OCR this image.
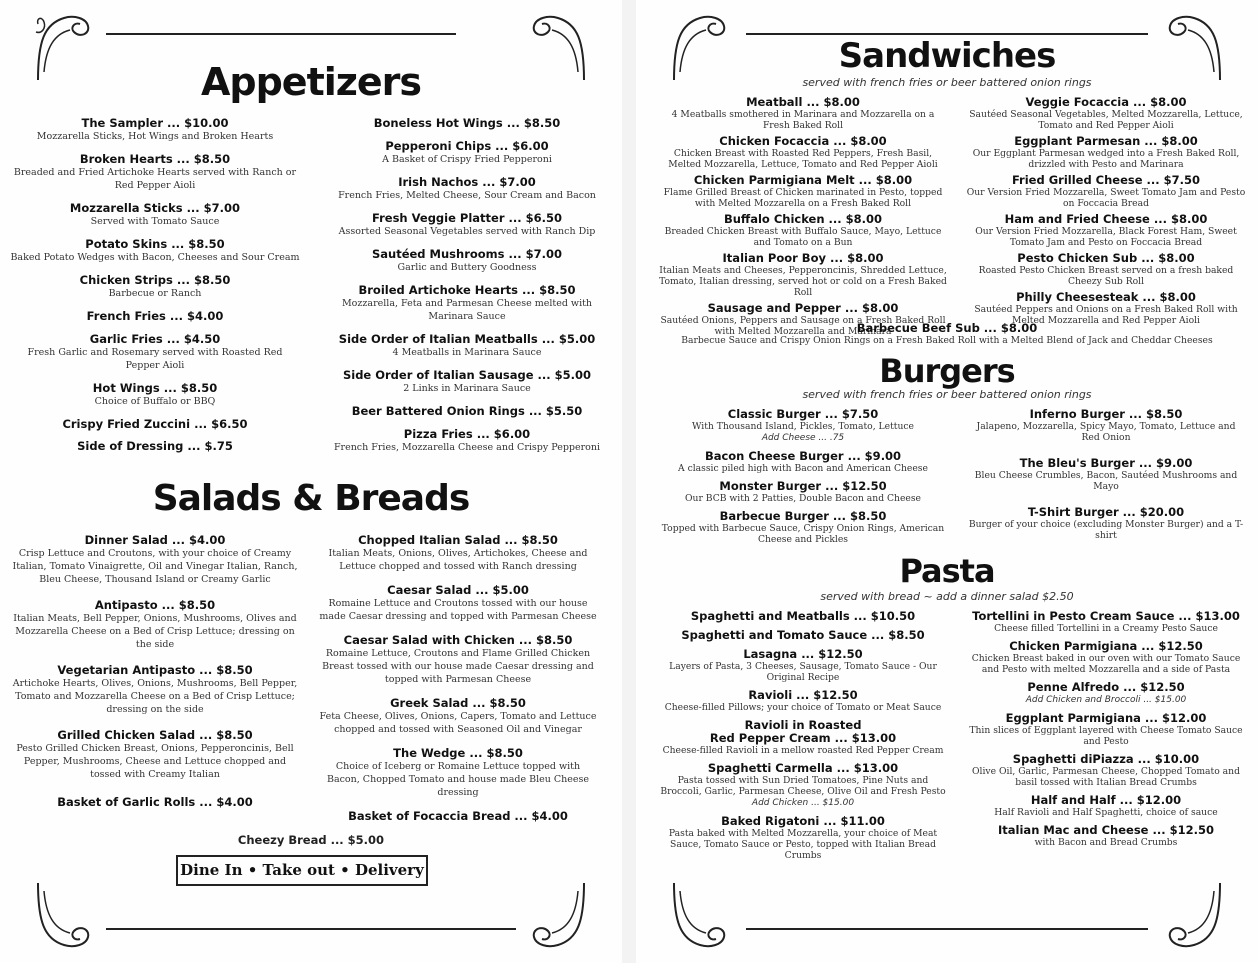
Appetizers
The Sampler ... $10.00
Mozzarella Sticks, Hot Wings and Broken Hearts
Broken Hearts ... $8.50
Breaded and Fried Artichoke Hearts served with Ranch or Red Pepper Aioli
Mozzarella Sticks ... $7.00
Served with Tomato Sauce
Potato Skins ... $8.50
Baked Potato Wedges with Bacon, Cheeses and Sour Cream
Chicken Strips ... $8.50
Barbecue or Ranch
French Fries ... $4.00
Garlic Fries ... $4.50
Fresh Garlic and Rosemary served with Roasted Red Pepper Aioli
Hot Wings ... $8.50
Choice of Buffalo or BBQ
Crispy Fried Zuccini ... $6.50
Side of Dressing ... $.75
Boneless Hot Wings ... $8.50
Pepperoni Chips ... $6.00
A Basket of Crispy Fried Pepperoni
Irish Nachos ... $7.00
French Fries, Melted Cheese, Sour Cream and Bacon
Fresh Veggie Platter ... $6.50
Assorted Seasonal Vegetables served with Ranch Dip
Sautéed Mushrooms ... $7.00
Garlic and Buttery Goodness
Broiled Artichoke Hearts ... $8.50
Mozzarella, Feta and Parmesan Cheese melted with Marinara Sauce
Side Order of Italian Meatballs ... $5.00
4 Meatballs in Marinara Sauce
Side Order of Italian Sausage ... $5.00
2 Links in Marinara Sauce
Beer Battered Onion Rings ... $5.50
Pizza Fries ... $6.00
French Fries, Mozzarella Cheese and Crispy Pepperoni
Salads & Breads
Dinner Salad ... $4.00
Crisp Lettuce and Croutons, with your choice of Creamy Italian, Tomato Vinaigrette, Oil and Vinegar Italian, Ranch, Bleu Cheese, Thousand Island or Creamy Garlic
Antipasto ... $8.50
Italian Meats, Bell Pepper, Onions, Mushrooms, Olives and Mozzarella Cheese on a Bed of Crisp Lettuce; dressing on the side
Vegetarian Antipasto ... $8.50
Artichoke Hearts, Olives, Onions, Mushrooms, Bell Pepper, Tomato and Mozzarella Cheese on a Bed of Crisp Lettuce; dressing on the side
Grilled Chicken Salad ... $8.50
Pesto Grilled Chicken Breast, Onions, Pepperoncinis, Bell Pepper, Mushrooms, Cheese and Lettuce chopped and tossed with Creamy Italian
Basket of Garlic Rolls ... $4.00
Chopped Italian Salad ... $8.50
Italian Meats, Onions, Olives, Artichokes, Cheese and Lettuce chopped and tossed with Ranch dressing
Caesar Salad ... $5.00
Romaine Lettuce and Croutons tossed with our house made Caesar dressing and topped with Parmesan Cheese
Caesar Salad with Chicken ... $8.50
Romaine Lettuce, Croutons and Flame Grilled Chicken Breast tossed with our house made Caesar dressing and topped with Parmesan Cheese
Greek Salad ... $8.50
Feta Cheese, Olives, Onions, Capers, Tomato and Lettuce chopped and tossed with Seasoned Oil and Vinegar
The Wedge ... $8.50
Choice of Iceberg or Romaine Lettuce topped with Bacon, Chopped Tomato and house made Bleu Cheese dressing
Basket of Focaccia Bread ... $4.00
Cheezy Bread ... $5.00
Dine In • Take out • Delivery
Sandwiches
served with french fries or beer battered onion rings
Meatball ... $8.00
4 Meatballs smothered in Marinara and Mozzarella on a Fresh Baked Roll
Chicken Focaccia ... $8.00
Chicken Breast with Roasted Red Peppers, Fresh Basil, Melted Mozzarella, Lettuce, Tomato and Red Pepper Aioli
Chicken Parmigiana Melt ... $8.00
Flame Grilled Breast of Chicken marinated in Pesto, topped with Melted Mozzarella on a Fresh Baked Roll
Buffalo Chicken ... $8.00
Breaded Chicken Breast with Buffalo Sauce, Mayo, Lettuce and Tomato on a Bun
Italian Poor Boy ... $8.00
Italian Meats and Cheeses, Pepperoncinis, Shredded Lettuce, Tomato, Italian dressing, served hot or cold on a Fresh Baked Roll
Sausage and Pepper ... $8.00
Sautéed Onions, Peppers and Sausage on a Fresh Baked Roll with Melted Mozzarella and Marinara
Veggie Focaccia ... $8.00
Sautéed Seasonal Vegetables, Melted Mozzarella, Lettuce, Tomato and Red Pepper Aioli
Eggplant Parmesan ... $8.00
Our Eggplant Parmesan wedged into a Fresh Baked Roll, drizzled with Pesto and Marinara
Fried Grilled Cheese ... $7.50
Our Version Fried Mozzarella, Sweet Tomato Jam and Pesto on Foccacia Bread
Ham and Fried Cheese ... $8.00
Our Version Fried Mozzarella, Black Forest Ham, Sweet Tomato Jam and Pesto on Foccacia Bread
Pesto Chicken Sub ... $8.00
Roasted Pesto Chicken Breast served on a fresh baked Cheezy Sub Roll
Philly Cheesesteak ... $8.00
Sautéed Peppers and Onions on a Fresh Baked Roll with Melted Mozzarella and Red Pepper Aioli
Barbecue Beef Sub ... $8.00
Barbecue Sauce and Crispy Onion Rings on a Fresh Baked Roll with a Melted Blend of Jack and Cheddar Cheeses
Burgers
served with french fries or beer battered onion rings
Classic Burger ... $7.50
With Thousand Island, Pickles, Tomato, Lettuce
Add Cheese ... .75
Bacon Cheese Burger ... $9.00
A classic piled high with Bacon and American Cheese
Monster Burger ... $12.50
Our BCB with 2 Patties, Double Bacon and Cheese
Barbecue Burger ... $8.50
Topped with Barbecue Sauce, Crispy Onion Rings, American Cheese and Pickles
Inferno Burger ... $8.50
Jalapeno, Mozzarella, Spicy Mayo, Tomato, Lettuce and Red Onion
The Bleu's Burger ... $9.00
Bleu Cheese Crumbles, Bacon, Sautéed Mushrooms and Mayo
T-Shirt Burger ... $20.00
Burger of your choice (excluding Monster Burger) and a T-shirt
Pasta
served with bread ~ add a dinner salad $2.50
Spaghetti and Meatballs ... $10.50
Spaghetti and Tomato Sauce ... $8.50
Lasagna ... $12.50
Layers of Pasta, 3 Cheeses, Sausage, Tomato Sauce - Our Original Recipe
Ravioli ... $12.50
Cheese-filled Pillows; your choice of Tomato or Meat Sauce
Ravioli in Roasted
Red Pepper Cream ... $13.00
Cheese-filled Ravioli in a mellow roasted Red Pepper Cream
Spaghetti Carmella ... $13.00
Pasta tossed with Sun Dried Tomatoes, Pine Nuts and Broccoli, Garlic, Parmesan Cheese, Olive Oil and Fresh Pesto
Add Chicken ... $15.00
Baked Rigatoni ... $11.00
Pasta baked with Melted Mozzarella, your choice of Meat Sauce, Tomato Sauce or Pesto, topped with Italian Bread Crumbs
Tortellini in Pesto Cream Sauce ... $13.00
Cheese filled Tortellini in a Creamy Pesto Sauce
Chicken Parmigiana ... $12.50
Chicken Breast baked in our oven with our Tomato Sauce and Pesto with melted Mozzarella and a side of Pasta
Penne Alfredo ... $12.50
Add Chicken and Broccoli ... $15.00
Eggplant Parmigiana ... $12.00
Thin slices of Eggplant layered with Cheese Tomato Sauce and Pesto
Spaghetti diPiazza ... $10.00
Olive Oil, Garlic, Parmesan Cheese, Chopped Tomato and basil tossed with Italian Bread Crumbs
Half and Half ... $12.00
Half Ravioli and Half Spaghetti, choice of sauce
Italian Mac and Cheese ... $12.50
with Bacon and Bread Crumbs
